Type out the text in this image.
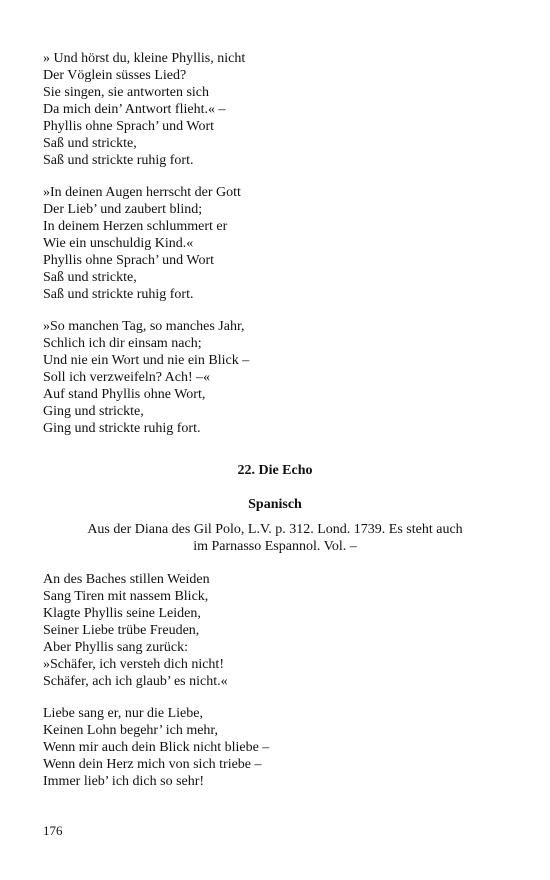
» Und hörst du, kleine Phyllis, nicht
Der Vöglein süsses Lied?
Sie singen, sie antworten sich
Da mich dein’ Antwort flieht.« –
Phyllis ohne Sprach’ und Wort
Saß und strickte,
Saß und strickte ruhig fort.
»In deinen Augen herrscht der Gott
Der Lieb’ und zaubert blind;
In deinem Herzen schlummert er
Wie ein unschuldig Kind.«
Phyllis ohne Sprach’ und Wort
Saß und strickte,
Saß und strickte ruhig fort.
»So manchen Tag, so manches Jahr,
Schlich ich dir einsam nach;
Und nie ein Wort und nie ein Blick –
Soll ich verzweifeln? Ach! –«
Auf stand Phyllis ohne Wort,
Ging und strickte,
Ging und strickte ruhig fort.
22. Die Echo
Spanisch
Aus der Diana des Gil Polo, L.V. p. 312. Lond. 1739. Es steht auch
im Parnasso Espannol. Vol. –
An des Baches stillen Weiden
Sang Tiren mit nassem Blick,
Klagte Phyllis seine Leiden,
Seiner Liebe trübe Freuden,
Aber Phyllis sang zurück:
»Schäfer, ich versteh dich nicht!
Schäfer, ach ich glaub’ es nicht.«
Liebe sang er, nur die Liebe,
Keinen Lohn begehr’ ich mehr,
Wenn mir auch dein Blick nicht bliebe –
Wenn dein Herz mich von sich triebe –
Immer lieb’ ich dich so sehr!
176
